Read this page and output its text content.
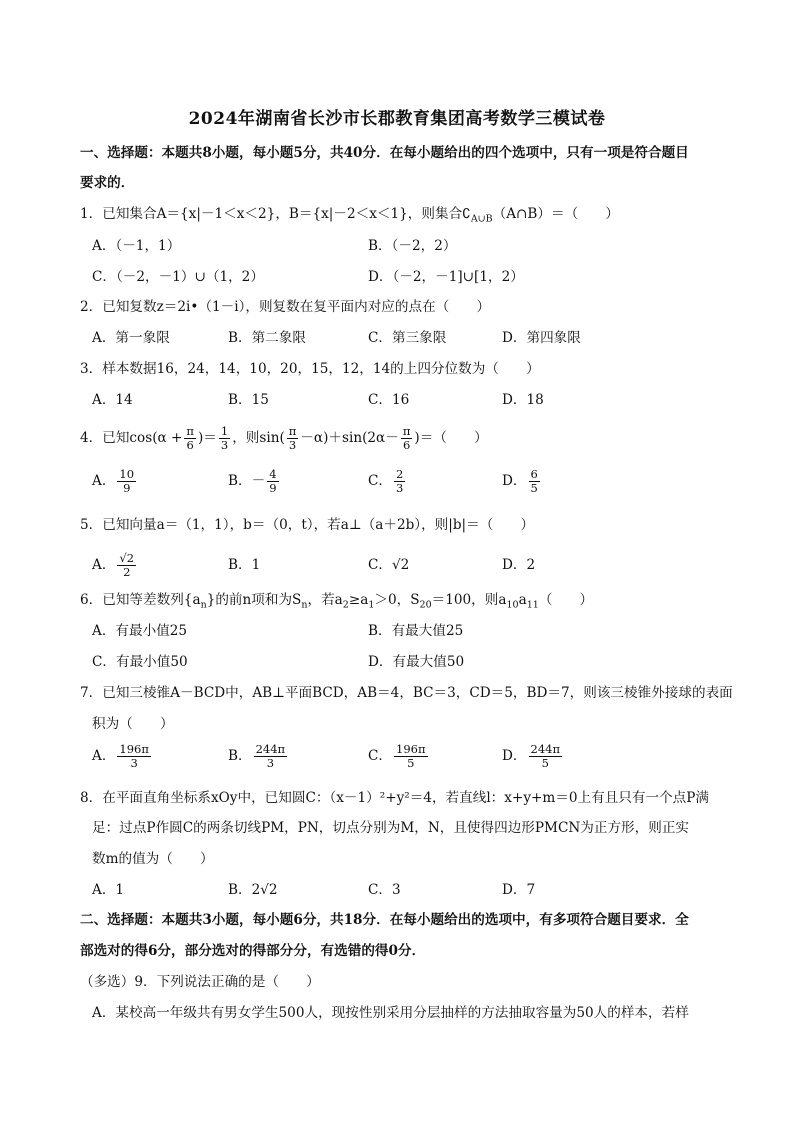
2024年湖南省长沙市长郡教育集团高考数学三模试卷
一、选择题：本题共8小题，每小题5分，共40分．在每小题给出的四个选项中，只有一项是符合题目
要求的．
1．已知集合A＝{x|－1＜x＜2}，B＝{x|－2＜x＜1}，则集合$∁_{A\cup B}(A\cap B)=$（　　）
A．（－1，1）	B．（－2，2）
C．（－2，－1）∪（1，2）	D．（－2，－1]∪[1，2）
2．已知复数z＝2i•（1－i），则复数在复平面内对应的点在（　　）
A．第一象限	B．第二象限	C．第三象限	D．第四象限
3．样本数据16，24，14，10，20，15，12，14的上四分位数为（　　）
A．14	B．15	C．16	D．18
4．已知$\cos(\alpha + \frac{\pi}{6}$ )＝ $\frac{1}{3}$ ，则$\sin( \frac{\pi}{3} -\alpha)+\sin(2\alpha- \frac{\pi}{6}$ )＝（　　）
A． $\frac{10}{9}$	B．－ $\frac{4}{9}$	C． $\frac{2}{3}$	D． $\frac{6}{5}$
5．已知向量a＝（1，1），b＝（0，t），若a⊥（a＋2b），则|b|＝（　　）
A． $\frac{√2}{2}$	B．1	C．√2	D．2
6．已知等差数列$\{a_n\}$的前n项和为$S_n$，若$a_2\ge a_1>0$，$S_{20}=100$，则$a_{10}a_{11}$（　　）
A．有最小值25	B．有最大值25
C．有最小值50	D．有最大值50
7．已知三棱锥A－BCD中，AB⊥平面BCD，AB＝4，BC＝3，CD＝5，BD＝7，则该三棱锥外接球的表面
积为（　　）
A． $\frac{196\pi}{3}$	B． $\frac{244\pi}{3}$	C． $\frac{196\pi}{5}$	D． $\frac{244\pi}{5}$
8．在平面直角坐标系xOy中，已知圆C：（x－1）²+y²＝4，若直线l：x+y+m＝0上有且只有一个点P满
足：过点P作圆C的两条切线PM，PN，切点分别为M，N，且使得四边形PMCN为正方形，则正实
数m的值为（　　）
A．1	B．2√2	C．3	D．7
二、选择题：本题共3小题，每小题6分，共18分．在每小题给出的选项中，有多项符合题目要求．全
部选对的得6分，部分选对的得部分分，有选错的得0分．
（多选）9．下列说法正确的是（　　）
A．某校高一年级共有男女学生500人，现按性别采用分层抽样的方法抽取容量为50人的样本，若样
